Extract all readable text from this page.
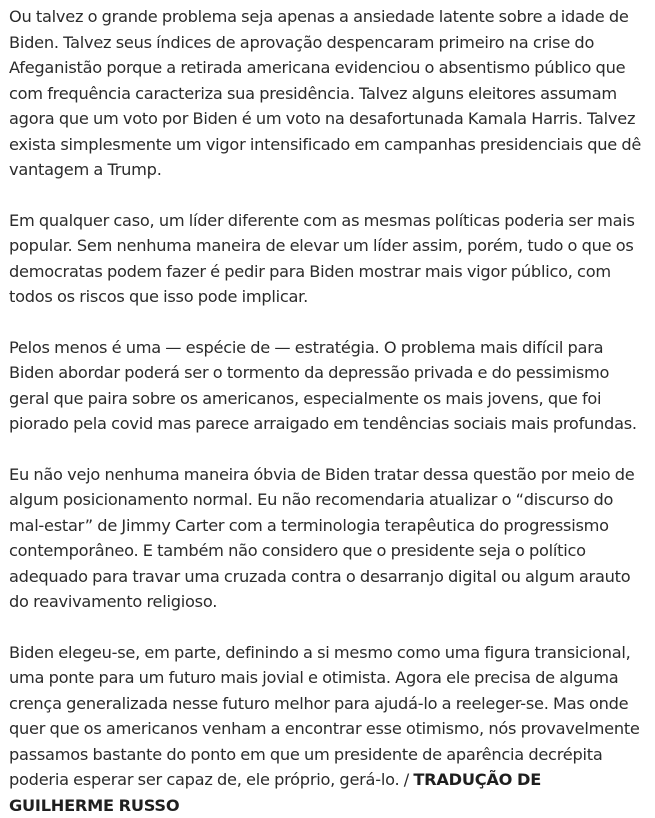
Ou talvez o grande problema seja apenas a ansiedade latente sobre a idade de Biden. Talvez seus índices de aprovação despencaram primeiro na crise do Afeganistão porque a retirada americana evidenciou o absentismo público que com frequência caracteriza sua presidência. Talvez alguns eleitores assumam agora que um voto por Biden é um voto na desafortunada Kamala Harris. Talvez exista simplesmente um vigor intensificado em campanhas presidenciais que dê vantagem a Trump.

Em qualquer caso, um líder diferente com as mesmas políticas poderia ser mais popular. Sem nenhuma maneira de elevar um líder assim, porém, tudo o que os democratas podem fazer é pedir para Biden mostrar mais vigor público, com todos os riscos que isso pode implicar.

Pelos menos é uma — espécie de — estratégia. O problema mais difícil para Biden abordar poderá ser o tormento da depressão privada e do pessimismo geral que paira sobre os americanos, especialmente os mais jovens, que foi piorado pela covid mas parece arraigado em tendências sociais mais profundas.

Eu não vejo nenhuma maneira óbvia de Biden tratar dessa questão por meio de algum posicionamento normal. Eu não recomendaria atualizar o “discurso do mal-estar” de Jimmy Carter com a terminologia terapêutica do progressismo contemporâneo. E também não considero que o presidente seja o político adequado para travar uma cruzada contra o desarranjo digital ou algum arauto do reavivamento religioso.

Biden elegeu-se, em parte, definindo a si mesmo como uma figura transicional, uma ponte para um futuro mais jovial e otimista. Agora ele precisa de alguma crença generalizada nesse futuro melhor para ajudá-lo a reeleger-se. Mas onde quer que os americanos venham a encontrar esse otimismo, nós provavelmente passamos bastante do ponto em que um presidente de aparência decrépita poderia esperar ser capaz de, ele próprio, gerá-lo. / TRADUÇÃO DE GUILHERME RUSSO
